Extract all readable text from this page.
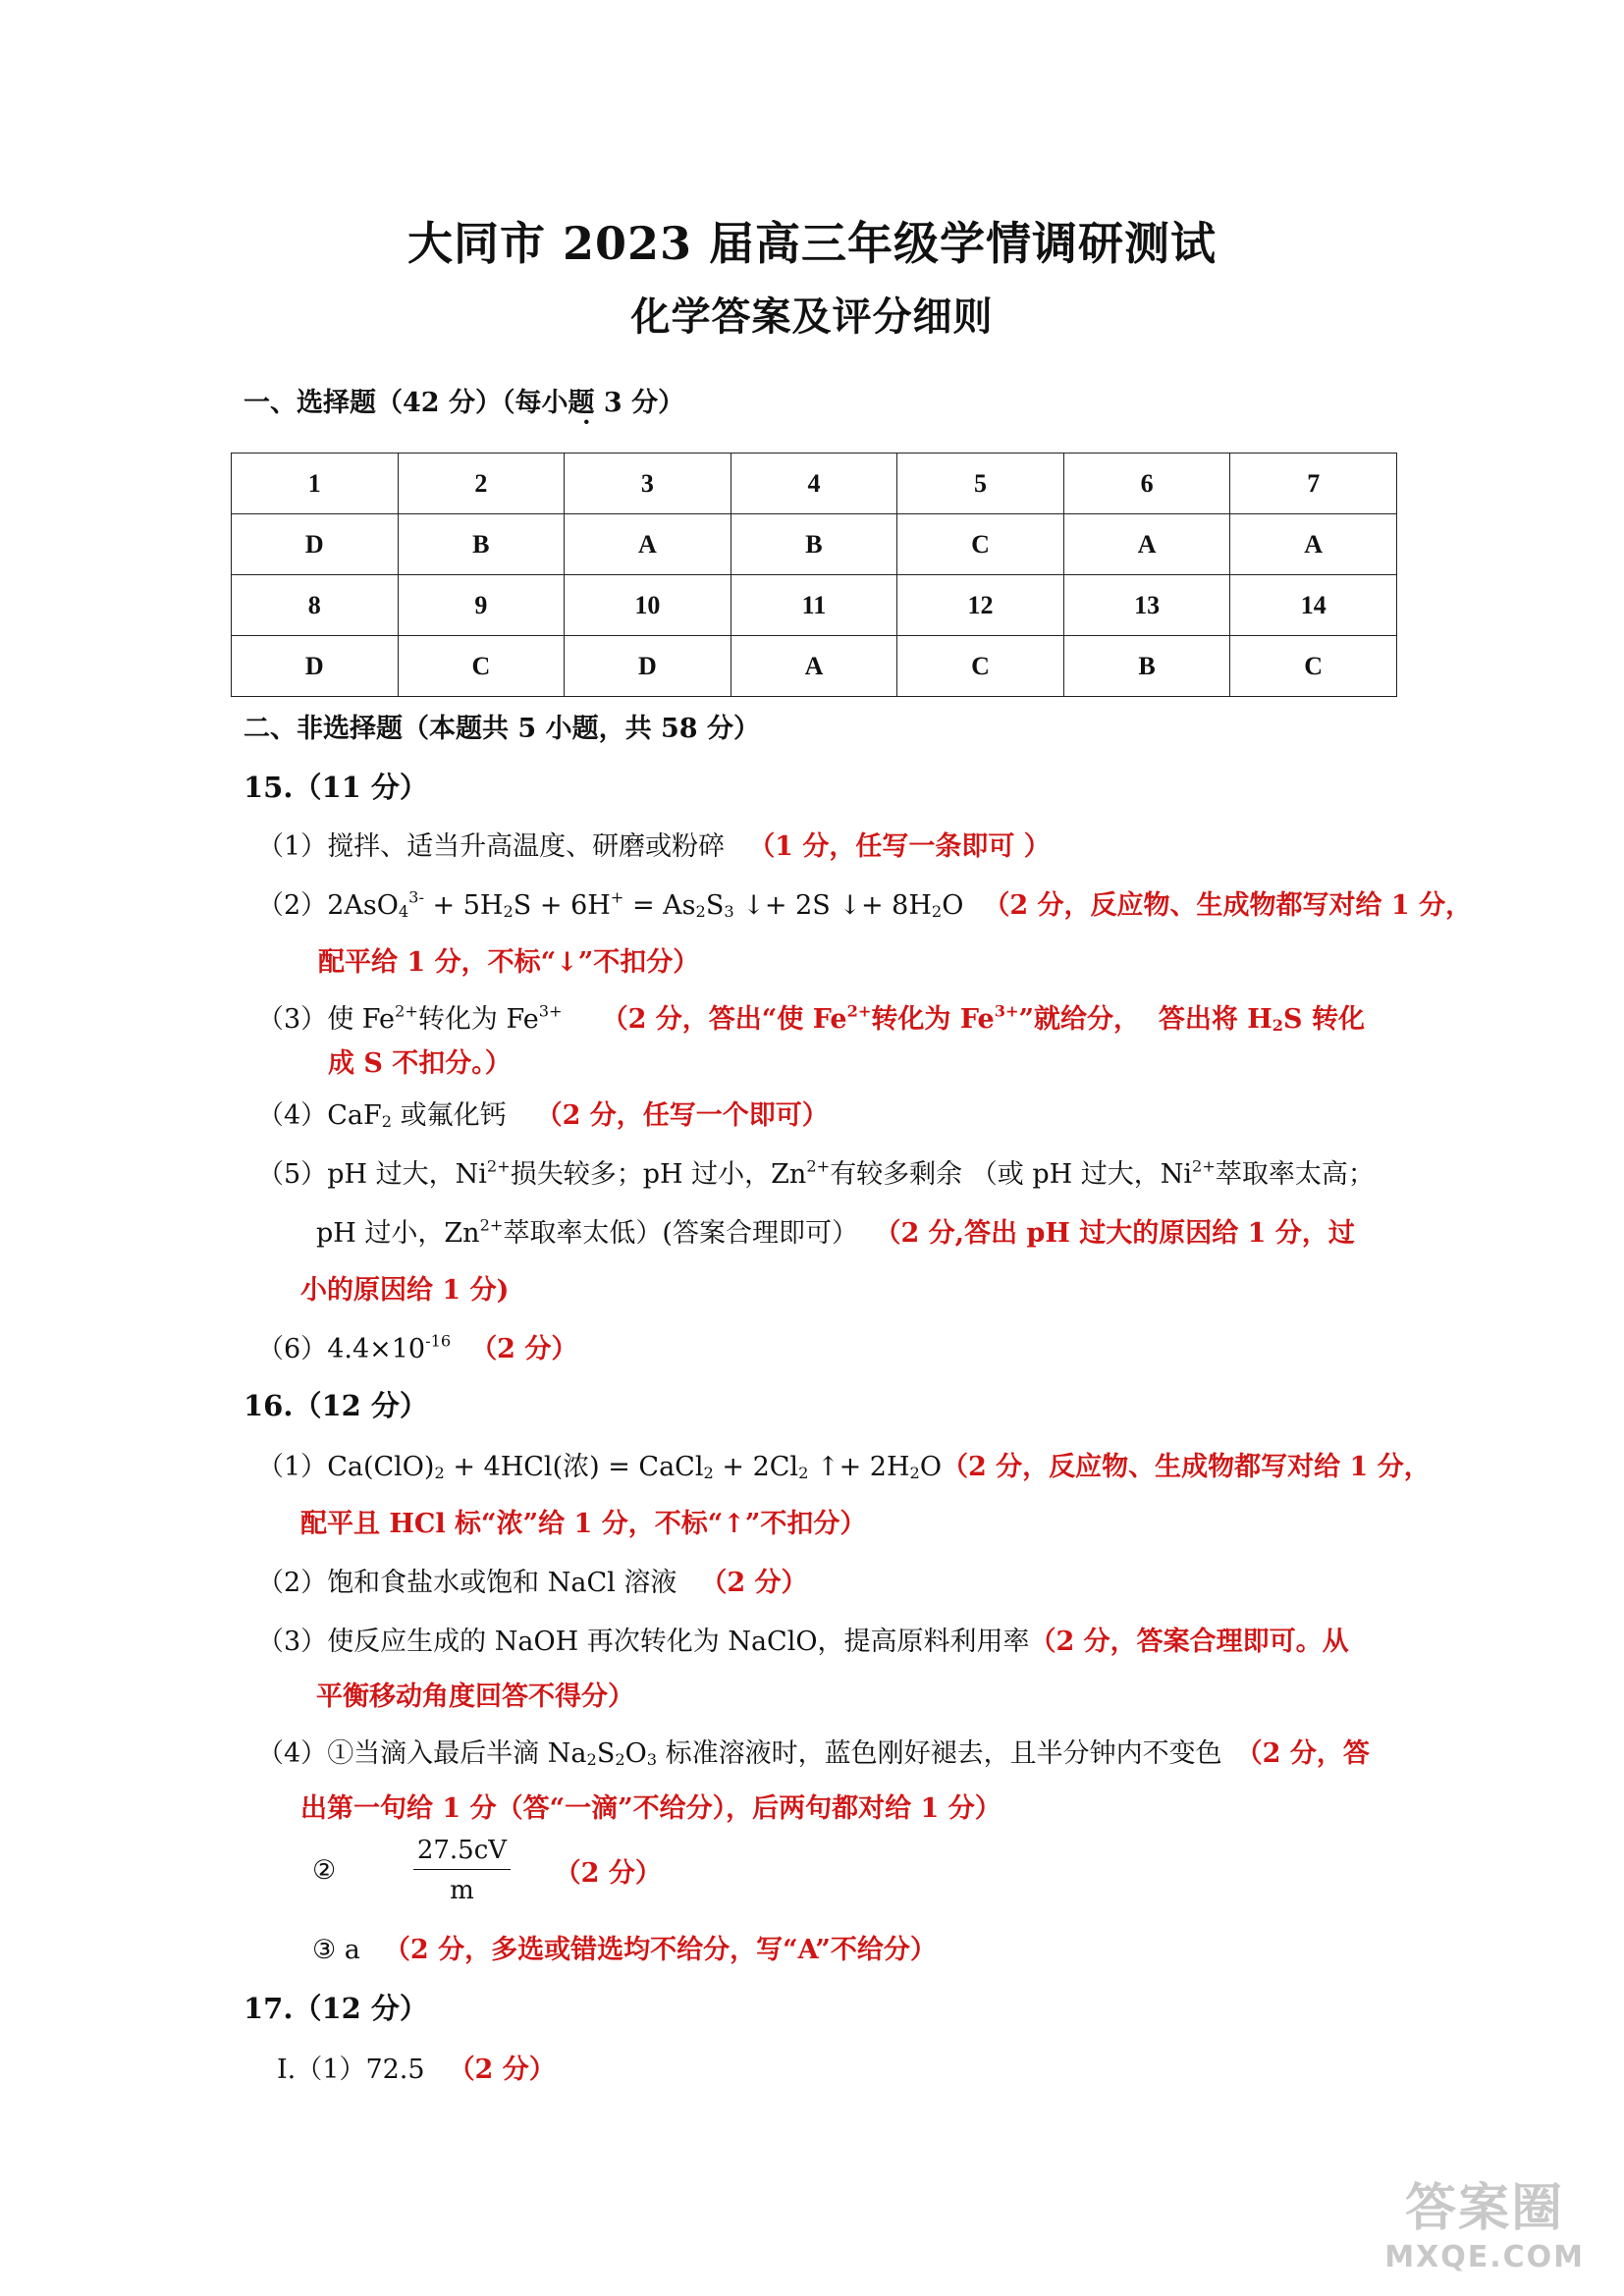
大同市 2023 届高三年级学情调研测试
化学答案及评分细则
一、选择题（42 分）（每小题 3 分 ·）
1	2	3	4	5	6	7
D	B	A	B	C	A	A
8	9	10	11	12	13	14
D	C	D	A	C	B	C
二、非选择题（本题共 5 小题，共 58 分）
15.（11 分）
（1）搅拌、适当升高温度、研磨或粉碎 （1 分，任写一条即可 ）
$(2)2AsO_4^{3-} + 5H_2S + 6H^+ = As_2S_3$ ↓+ 2S ↓+ $8H_2O$ （2 分，反应物、生成物都写对给 1 分，
配平给 1 分，不标“↓”不扣分）
（3）使 $Fe^{2+}$转化为 $Fe^{3+}$ （2 分，答出“使 $Fe^{2+}$转化为 $Fe^{3+}$”就给分，  答出将 $H_2S$ 转化
成 S 不扣分。）
（4）CaF$_2$ 或氟化钙 （2 分，任写一个即可）
（5）pH 过大，$Ni^{2+}$损失较多；pH 过小，$Zn^{2+}$有较多剩余 （或 pH 过大，$Ni^{2+}$萃取率太高；
pH 过小，$Zn^{2+}$萃取率太低）(答案合理即可） （2 分,答出 pH 过大的原因给 1 分，过
小的原因给 1 分)
$(6)4.4\times 10^{-16}$ （2 分）
16.（12 分）
$(1)Ca(ClO)_2 + 4HCl$(浓) = CaCl$_2$ + $2Cl_2$ ↑+ $2H_2O(2$ 分，反应物、生成物都写对给 1 分，
配平且 HCl 标“浓”给 1 分，不标“↑”不扣分）
（2）饱和食盐水或饱和 NaCl 溶液 （2 分）
（3）使反应生成的 NaOH 再次转化为 NaClO，提高原料利用率（2 分，答案合理即可。从
平衡移动角度回答不得分）
（4）①当滴入最后半滴 $Na_2S_2O_3$ 标准溶液时，蓝色刚好褪去，且半分钟内不变色 （2 分，答
出第一句给 1 分（答“一滴”不给分），后两句都对给 1 分）
②	$\frac{27.5cV}{m} (2$ 分）
③ a （2 分，多选或错选均不给分，写“A”不给分）
17.（12 分）
Ⅰ.（1）72.5 （2 分）
答案圈
MXQE.COM
